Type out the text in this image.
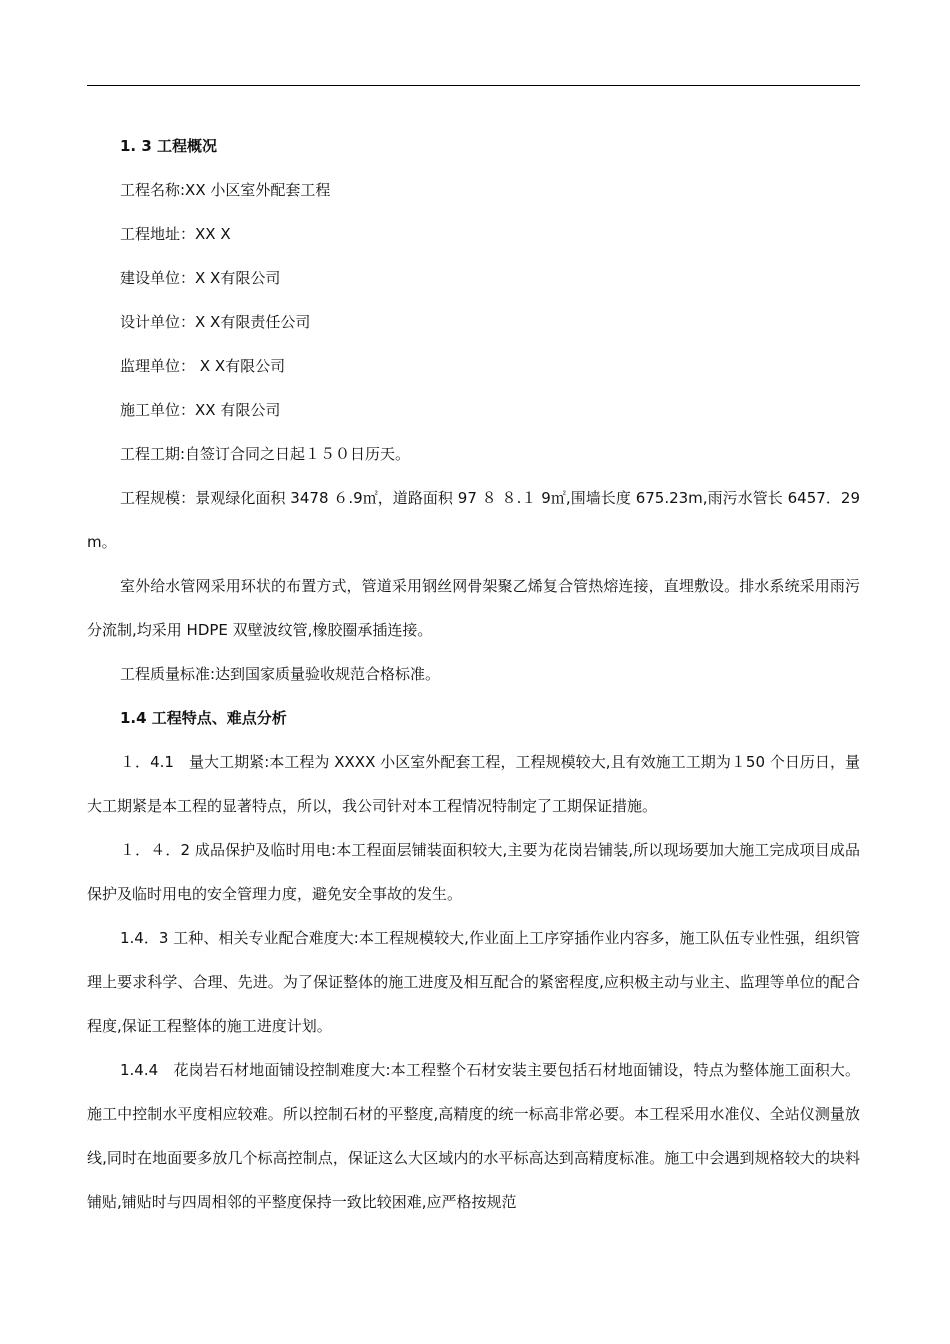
1. 3 工程概况

工程名称:XX 小区室外配套工程

工程地址：XX X

建设单位：X X有限公司

设计单位：X X有限责任公司

监理单位： X X有限公司

施工单位：XX 有限公司

工程工期:自签订合同之日起１５０日历天。

工程规模：景观绿化面积 3478 ６.9㎡，道路面积 97 ８ ８.１ 9㎡,围墙长度 675.23m,雨污水管长 6457．29m。

室外给水管网采用环状的布置方式，管道采用钢丝网骨架聚乙烯复合管热熔连接，直埋敷设。排水系统采用雨污分流制,均采用 HDPE 双壁波纹管,橡胶圈承插连接。

工程质量标准:达到国家质量验收规范合格标准。

1.4 工程特点、难点分析

１．4.1　量大工期紧:本工程为 XXXX 小区室外配套工程，工程规模较大,且有效施工工期为１50 个日历日，量大工期紧是本工程的显著特点，所以，我公司针对本工程情况特制定了工期保证措施。

１．４．2 成品保护及临时用电:本工程面层铺装面积较大,主要为花岗岩铺装,所以现场要加大施工完成项目成品保护及临时用电的安全管理力度，避免安全事故的发生。

1.4．3 工种、相关专业配合难度大:本工程规模较大,作业面上工序穿插作业内容多，施工队伍专业性强，组织管理上要求科学、合理、先进。为了保证整体的施工进度及相互配合的紧密程度,应积极主动与业主、监理等单位的配合程度,保证工程整体的施工进度计划。

1.4.4　花岗岩石材地面铺设控制难度大:本工程整个石材安装主要包括石材地面铺设，特点为整体施工面积大。施工中控制水平度相应较难。所以控制石材的平整度,高精度的统一标高非常必要。本工程采用水准仪、全站仪测量放线,同时在地面要多放几个标高控制点，保证这么大区域内的水平标高达到高精度标准。施工中会遇到规格较大的块料铺贴,铺贴时与四周相邻的平整度保持一致比较困难,应严格按规范
